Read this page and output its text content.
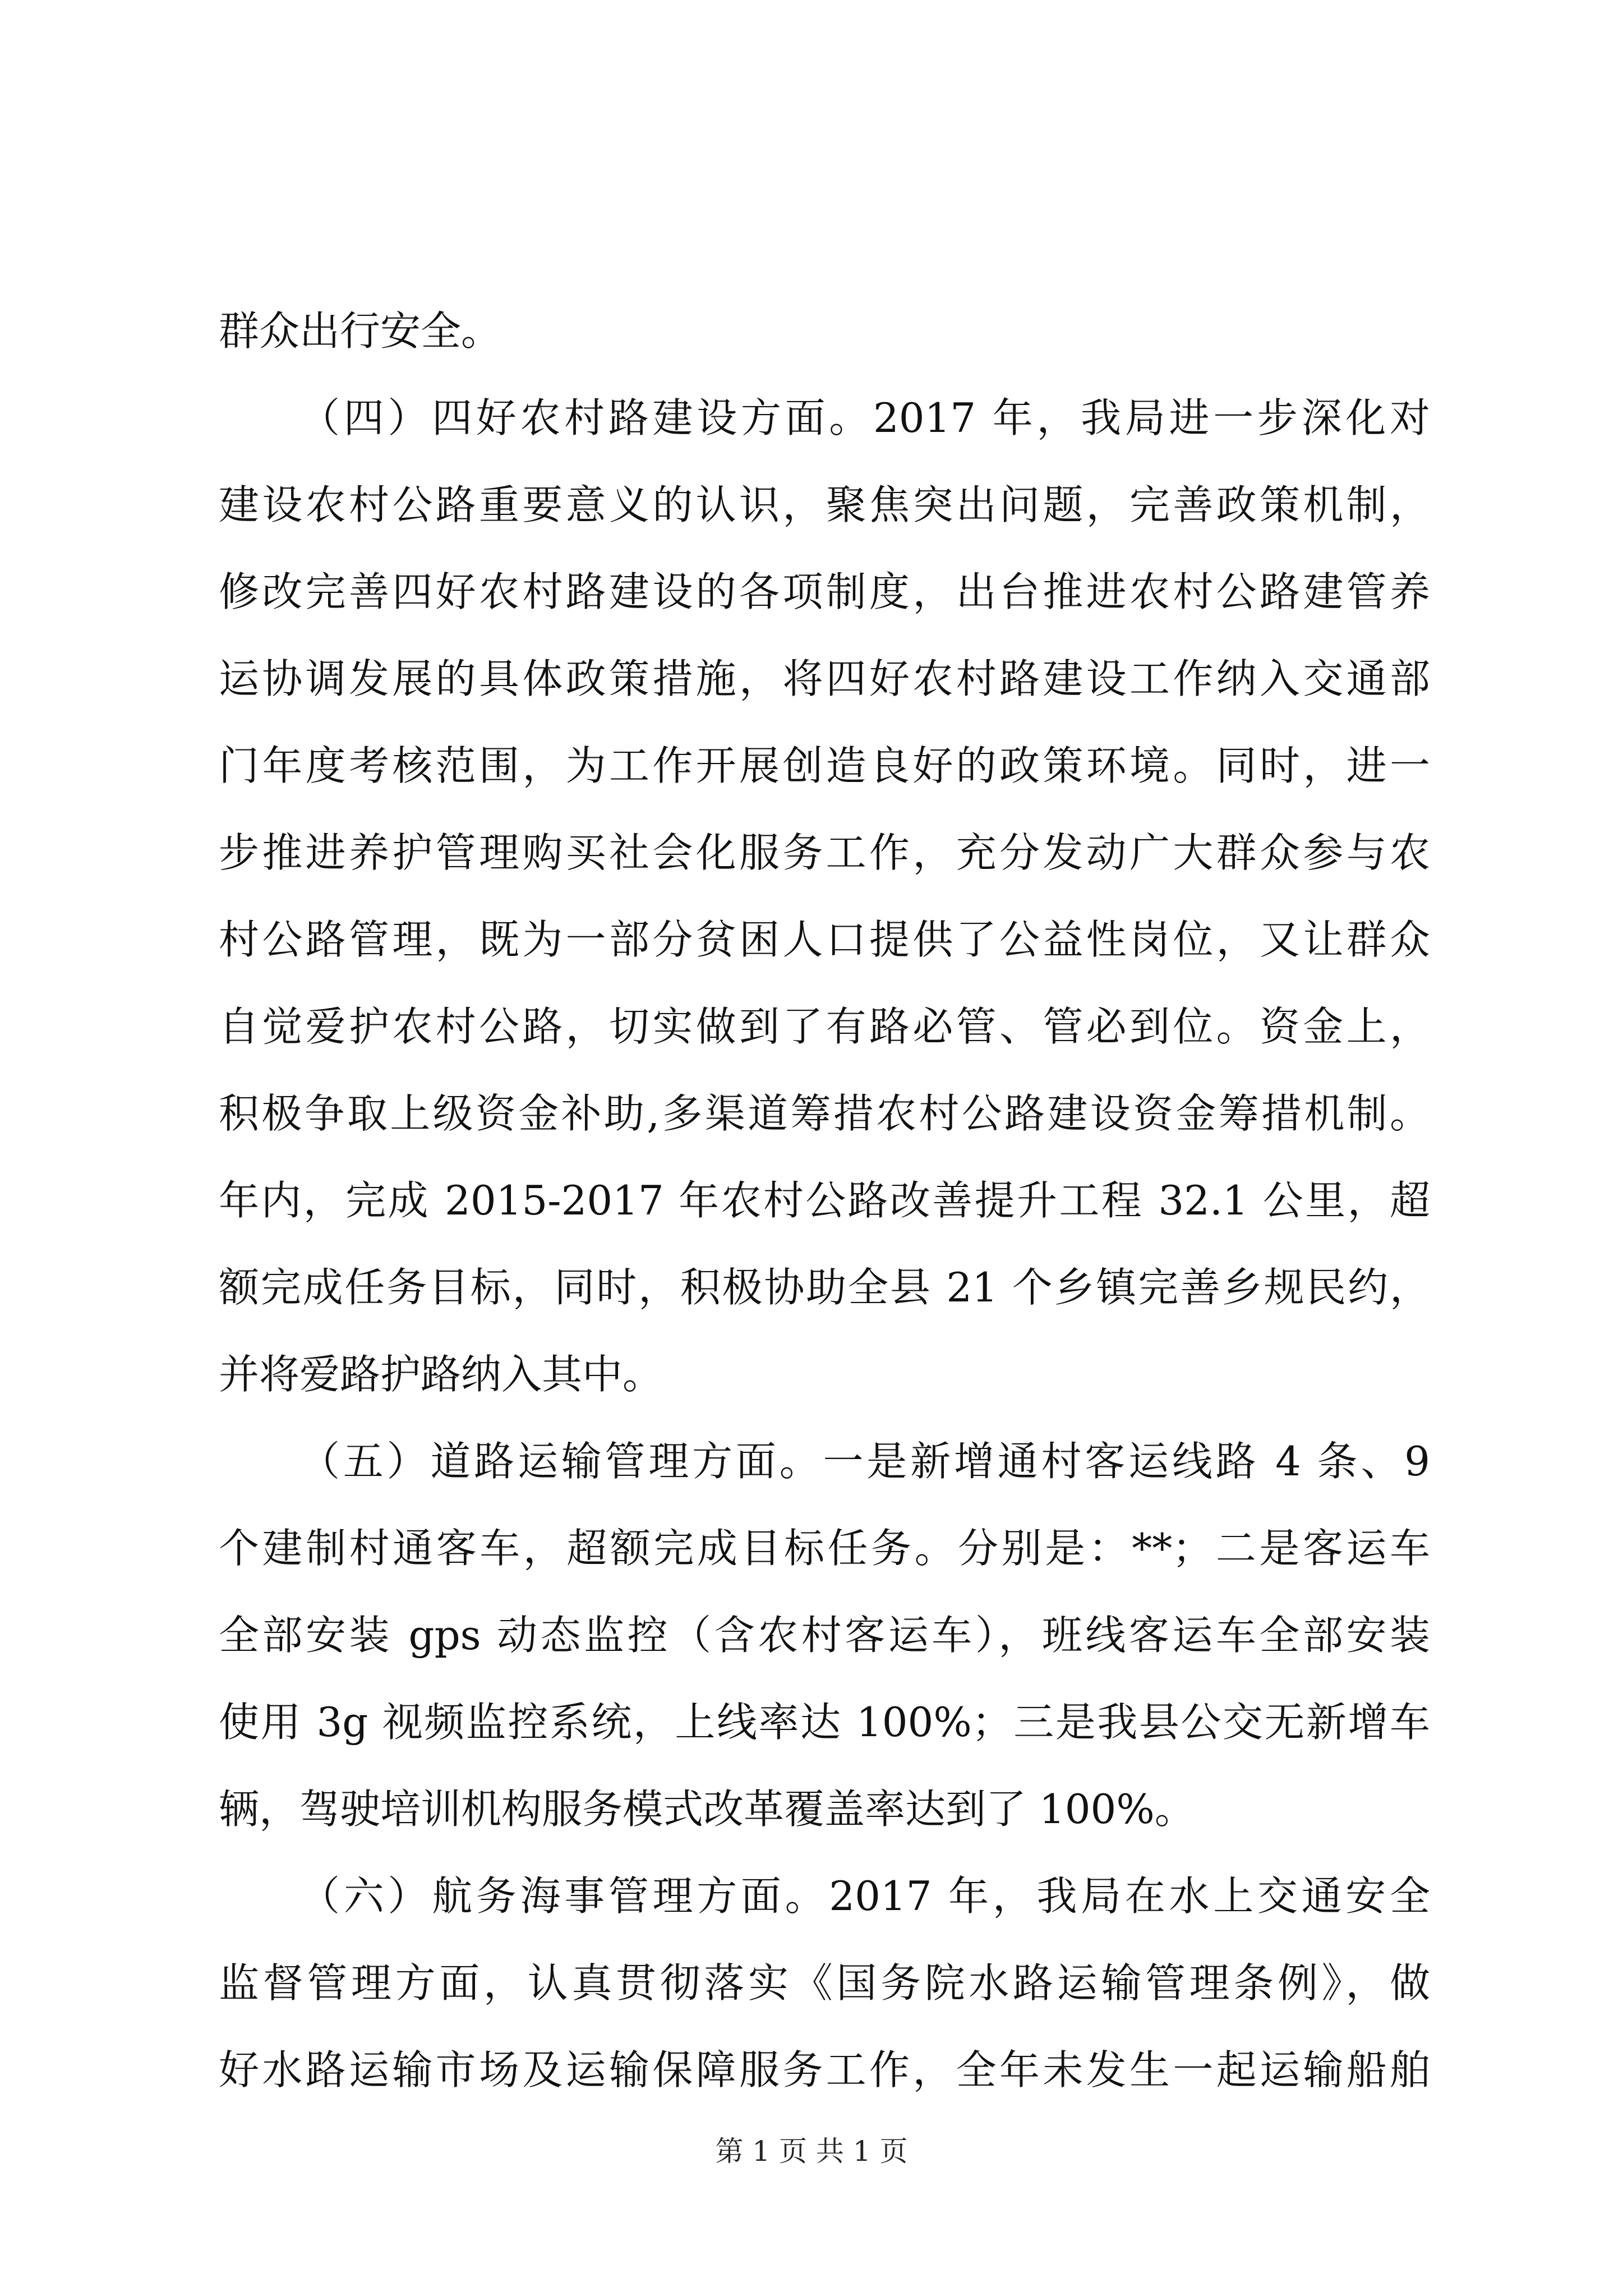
群众出行安全。
（四）四好农村路建设方面。2017 年，我局进一步深化对
建设农村公路重要意义的认识，聚焦突出问题，完善政策机制，
修改完善四好农村路建设的各项制度，出台推进农村公路建管养
运协调发展的具体政策措施，将四好农村路建设工作纳入交通部
门年度考核范围，为工作开展创造良好的政策环境。同时，进一
步推进养护管理购买社会化服务工作，充分发动广大群众参与农
村公路管理，既为一部分贫困人口提供了公益性岗位，又让群众
自觉爱护农村公路，切实做到了有路必管、管必到位。资金上，
积极争取上级资金补助,多渠道筹措农村公路建设资金筹措机制。
年内，完成 2015-2017 年农村公路改善提升工程 32.1 公里，超
额完成任务目标，同时，积极协助全县 21 个乡镇完善乡规民约，
并将爱路护路纳入其中。
（五）道路运输管理方面。一是新增通村客运线路 4 条、9
个建制村通客车，超额完成目标任务。分别是：**；二是客运车
全部安装 gps 动态监控（含农村客运车），班线客运车全部安装
使用 3g 视频监控系统，上线率达 100%；三是我县公交无新增车
辆，驾驶培训机构服务模式改革覆盖率达到了 100%。
（六）航务海事管理方面。2017 年，我局在水上交通安全
监督管理方面，认真贯彻落实《国务院水路运输管理条例》，做
好水路运输市场及运输保障服务工作，全年未发生一起运输船舶
第 1 页 共 1 页
